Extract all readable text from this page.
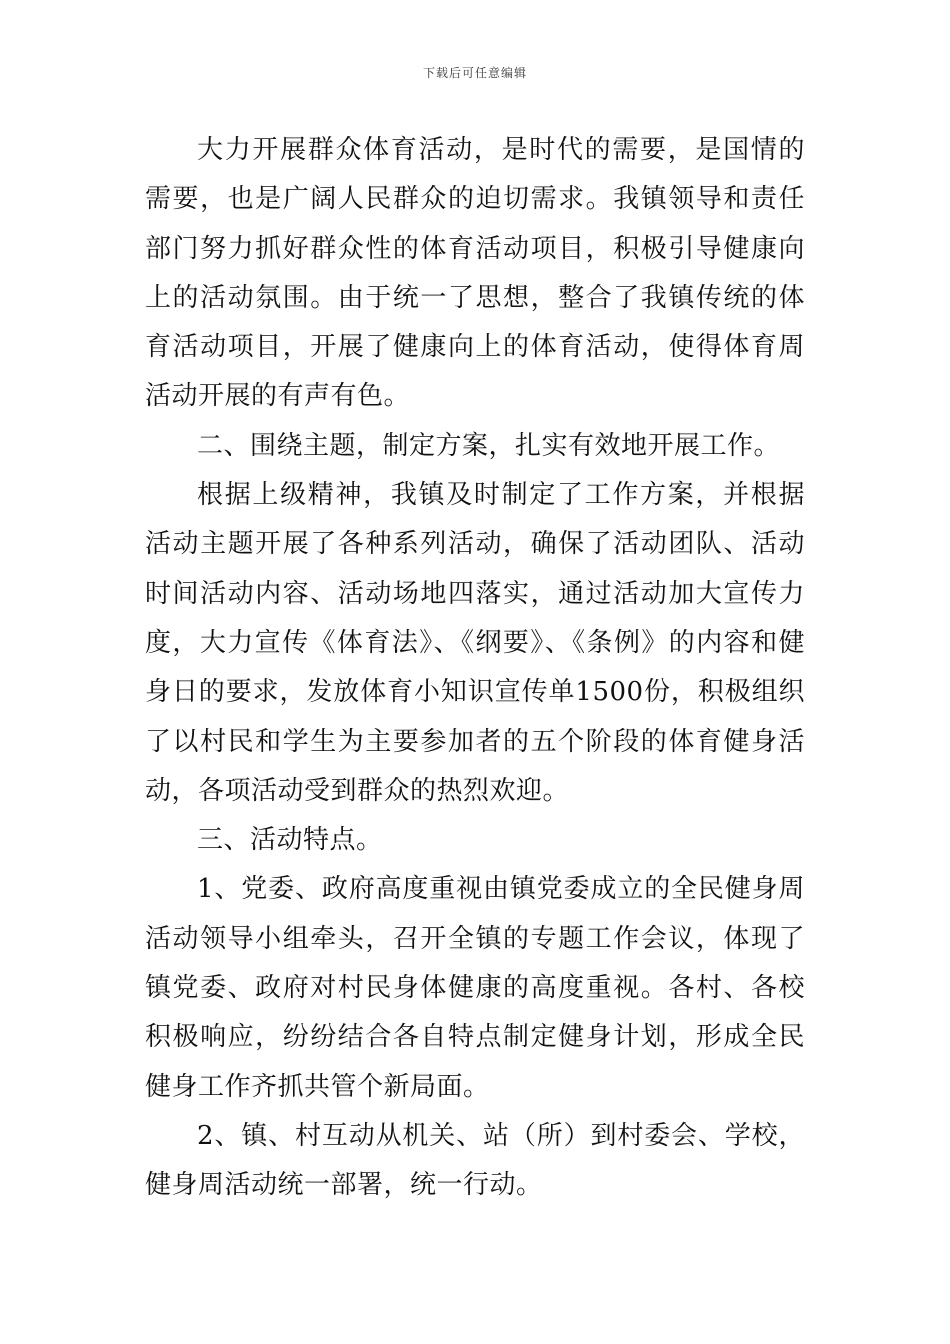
下载后可任意编辑

大力开展群众体育活动，是时代的需要，是国情的需要，也是广阔人民群众的迫切需求。我镇领导和责任部门努力抓好群众性的体育活动项目，积极引导健康向上的活动氛围。由于统一了思想，整合了我镇传统的体育活动项目，开展了健康向上的体育活动，使得体育周活动开展的有声有色。

二、围绕主题，制定方案，扎实有效地开展工作。

根据上级精神，我镇及时制定了工作方案，并根据活动主题开展了各种系列活动，确保了活动团队、活动时间活动内容、活动场地四落实，通过活动加大宣传力度，大力宣传《体育法》、《纲要》、《条例》的内容和健身日的要求，发放体育小知识宣传单1500份，积极组织了以村民和学生为主要参加者的五个阶段的体育健身活动，各项活动受到群众的热烈欢迎。

三、活动特点。

1、党委、政府高度重视由镇党委成立的全民健身周活动领导小组牵头，召开全镇的专题工作会议，体现了镇党委、政府对村民身体健康的高度重视。各村、各校积极响应，纷纷结合各自特点制定健身计划，形成全民健身工作齐抓共管个新局面。

2、镇、村互动从机关、站（所）到村委会、学校，健身周活动统一部署，统一行动。
